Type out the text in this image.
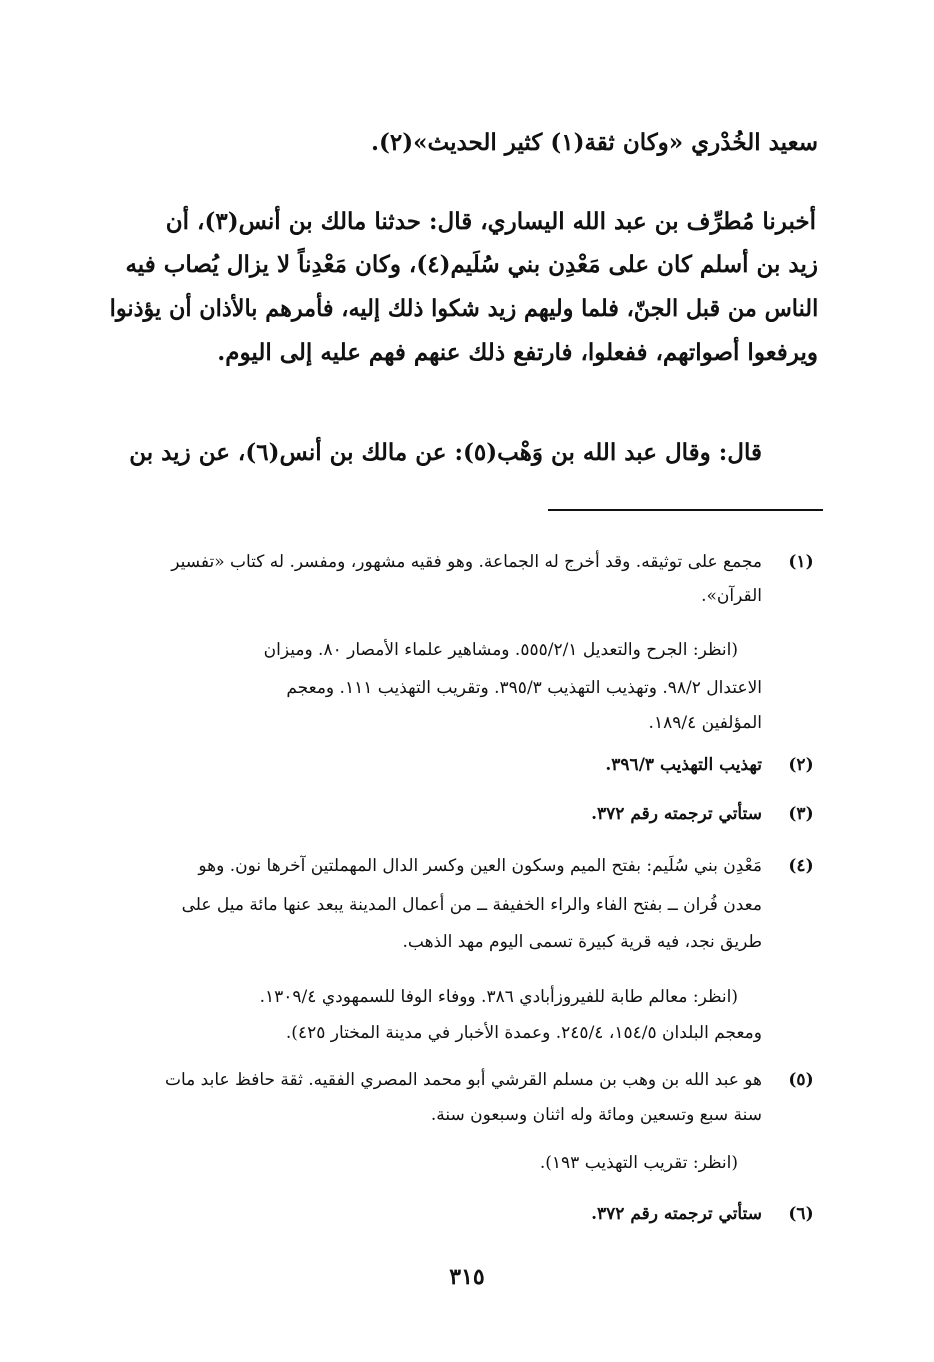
سعيد الخُدْري «وكان ثقة(١) كثير الحديث»(٢).
أخبرنا مُطرِّف بن عبد الله اليساري، قال: حدثنا مالك بن أنس(٣)، أن
زيد بن أسلم كان على مَعْدِن بني سُلَيم(٤)، وكان مَعْدِناً لا يزال يُصاب فيه
الناس من قبل الجنّ، فلما وليهم زيد شكوا ذلك إليه، فأمرهم بالأذان أن يؤذنوا
ويرفعوا أصواتهم، ففعلوا، فارتفع ذلك عنهم فهم عليه إلى اليوم.
قال: وقال عبد الله بن وَهْب(٥): عن مالك بن أنس(٦)، عن زيد بن
(١)
مجمع على توثيقه. وقد أخرج له الجماعة. وهو فقيه مشهور، ومفسر. له كتاب «تفسير
القرآن».
(انظر: الجرح والتعديل ٥٥٥/٢/١. ومشاهير علماء الأمصار ٨٠. وميزان
الاعتدال ٩٨/٢. وتهذيب التهذيب ٣٩٥/٣. وتقريب التهذيب ١١١. ومعجم
المؤلفين ١٨٩/٤.
(٢)
تهذيب التهذيب ٣٩٦/٣.
(٣)
ستأتي ترجمته رقم ٣٧٢.
(٤)
مَعْدِن بني سُلَيم: بفتح الميم وسكون العين وكسر الدال المهملتين آخرها نون. وهو
معدن فُران ــ بفتح الفاء والراء الخفيفة ــ من أعمال المدينة يبعد عنها مائة ميل على
طريق نجد، فيه قرية كبيرة تسمى اليوم مهد الذهب.
(انظر: معالم طابة للفيروزأبادي ٣٨٦. ووفاء الوفا للسمهودي ١٣٠٩/٤.
ومعجم البلدان ١٥٤/٥، ٢٤٥/٤. وعمدة الأخبار في مدينة المختار ٤٢٥).
(٥)
هو عبد الله بن وهب بن مسلم القرشي أبو محمد المصري الفقيه. ثقة حافظ عابد مات
سنة سبع وتسعين ومائة وله اثنان وسبعون سنة.
(انظر: تقريب التهذيب ١٩٣).
(٦)
ستأتي ترجمته رقم ٣٧٢.
٣١٥
